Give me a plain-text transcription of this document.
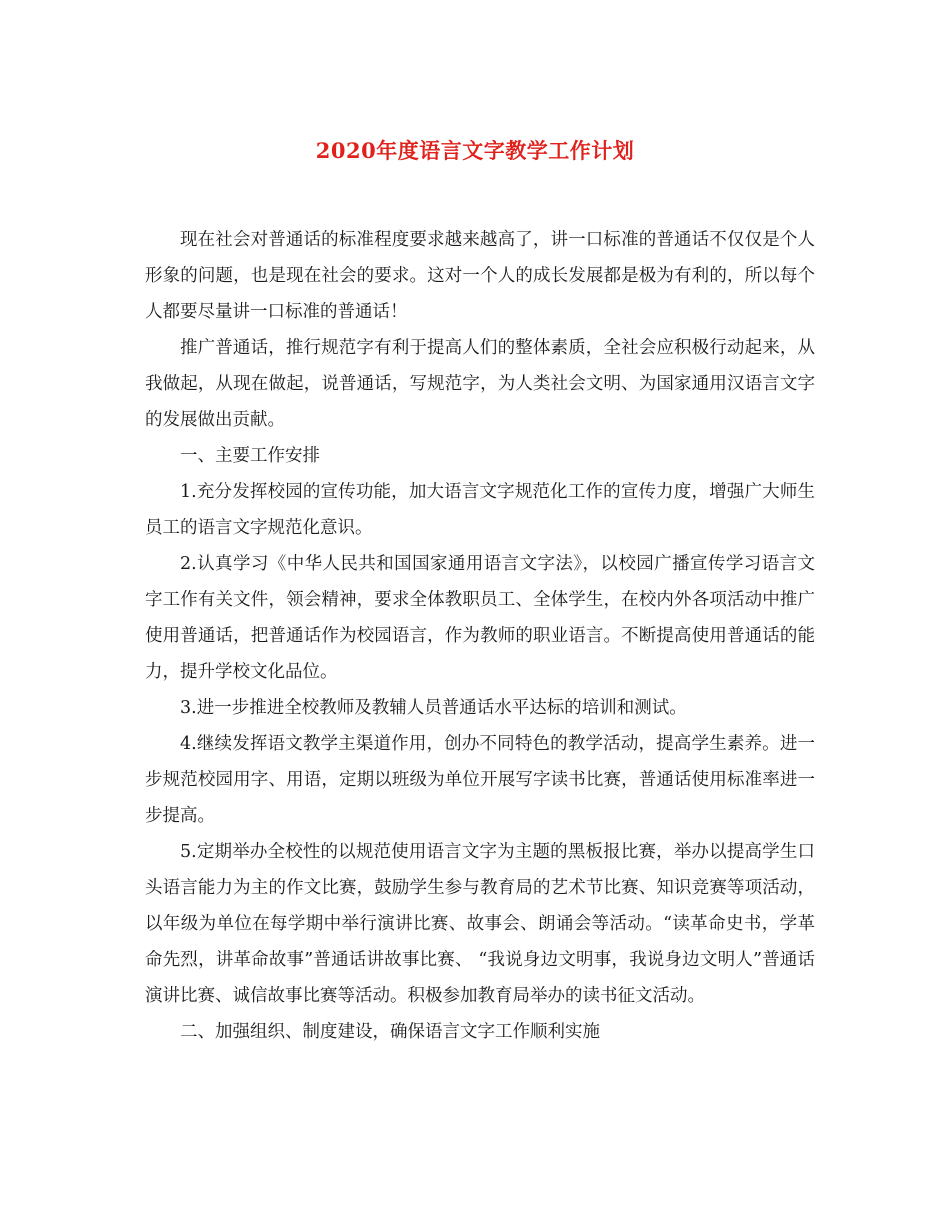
2020年度语言文字教学工作计划

现在社会对普通话的标准程度要求越来越高了，讲一口标准的普通话不仅仅是个人形象的问题，也是现在社会的要求。这对一个人的成长发展都是极为有利的，所以每个人都要尽量讲一口标准的普通话！

推广普通话，推行规范字有利于提高人们的整体素质，全社会应积极行动起来，从我做起，从现在做起，说普通话，写规范字，为人类社会文明、为国家通用汉语言文字的发展做出贡献。

一、主要工作安排

1.充分发挥校园的宣传功能，加大语言文字规范化工作的宣传力度，增强广大师生员工的语言文字规范化意识。

2.认真学习《中华人民共和国国家通用语言文字法》，以校园广播宣传学习语言文字工作有关文件，领会精神，要求全体教职员工、全体学生，在校内外各项活动中推广使用普通话，把普通话作为校园语言，作为教师的职业语言。不断提高使用普通话的能力，提升学校文化品位。

3.进一步推进全校教师及教辅人员普通话水平达标的培训和测试。

4.继续发挥语文教学主渠道作用，创办不同特色的教学活动，提高学生素养。进一步规范校园用字、用语，定期以班级为单位开展写字读书比赛，普通话使用标准率进一步提高。

5.定期举办全校性的以规范使用语言文字为主题的黑板报比赛，举办以提高学生口头语言能力为主的作文比赛，鼓励学生参与教育局的艺术节比赛、知识竞赛等项活动，以年级为单位在每学期中举行演讲比赛、故事会、朗诵会等活动。“读革命史书，学革命先烈，讲革命故事”普通话讲故事比赛、 “我说身边文明事，我说身边文明人”普通话演讲比赛、诚信故事比赛等活动。积极参加教育局举办的读书征文活动。

二、加强组织、制度建设，确保语言文字工作顺利实施
